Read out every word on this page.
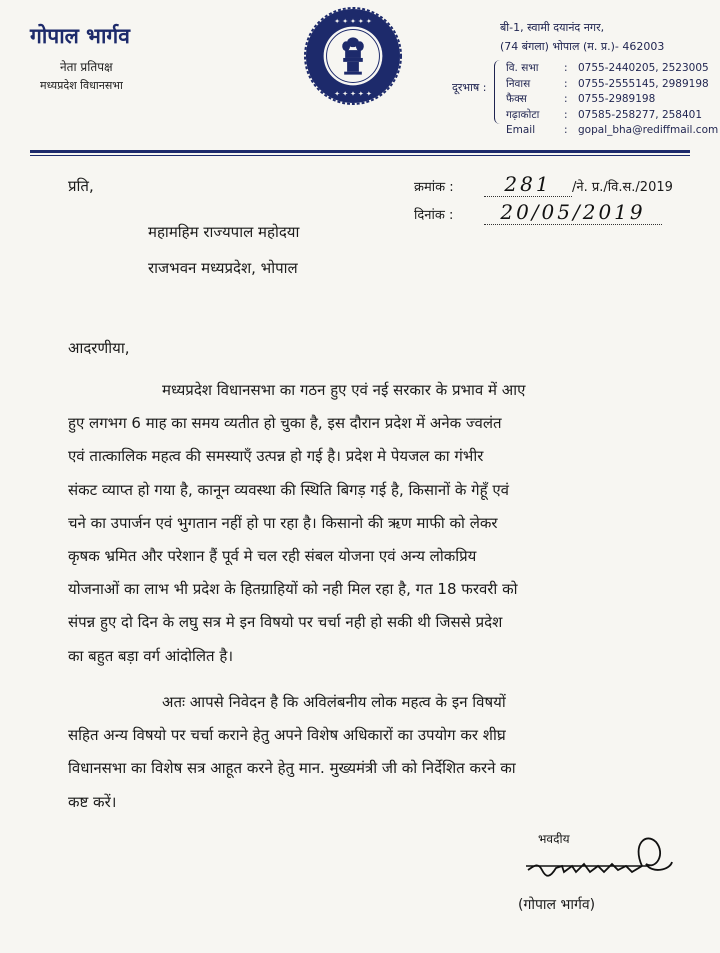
गोपाल भार्गव
नेता प्रतिपक्ष
मध्यप्रदेश विधानसभा
✦ ✦ ✦ ✦ ✦
✦ ✦ ✦ ✦ ✦
बी-1, स्वामी दयानंद नगर,
(74 बंगला) भोपाल (म. प्र.)- 462003
दूरभाष :
वि. सभा	: 0755-2440205, 2523005
निवास	: 0755-2555145, 2989198
फैक्स	: 0755-2989198
गढ़ाकोटा	: 07585-258277, 258401
Email	: gopal_bha@rediffmail.com
प्रति,	क्रमांक :	281 /ने. प्र./वि.स./2019
दिनांक : 20/05/2019
महामहिम राज्यपाल महोदया
राजभवन मध्यप्रदेश, भोपाल
आदरणीया,
मध्यप्रदेश विधानसभा का गठन हुए एवं नई सरकार के प्रभाव में आए
हुए लगभग 6 माह का समय व्यतीत हो चुका है, इस दौरान प्रदेश में अनेक ज्वलंत
एवं तात्कालिक महत्व की समस्याएँ उत्पन्न हो गई है। प्रदेश मे पेयजल का गंभीर
संकट व्याप्त हो गया है, कानून व्यवस्था की स्थिति बिगड़ गई है, किसानों के गेहूँ एवं
चने का उपार्जन एवं भुगतान नहीं हो पा रहा है। किसानो की ऋण माफी को लेकर
कृषक भ्रमित और परेशान हैं पूर्व मे चल रही संबल योजना एवं अन्य लोकप्रिय
योजनाओं का लाभ भी प्रदेश के हितग्राहियों को नही मिल रहा है, गत 18 फरवरी को
संपन्न हुए दो दिन के लघु सत्र मे इन विषयो पर चर्चा नही हो सकी थी जिससे प्रदेश
का बहुत बड़ा वर्ग आंदोलित है।
अतः आपसे निवेदन है कि अविलंबनीय लोक महत्व के इन विषयों
सहित अन्य विषयो पर चर्चा कराने हेतु अपने विशेष अधिकारों का उपयोग कर शीघ्र
विधानसभा का विशेष सत्र आहूत करने हेतु मान. मुख्यमंत्री जी को निर्देशित करने का
कष्ट करें।
भवदीय
(गोपाल भार्गव)
